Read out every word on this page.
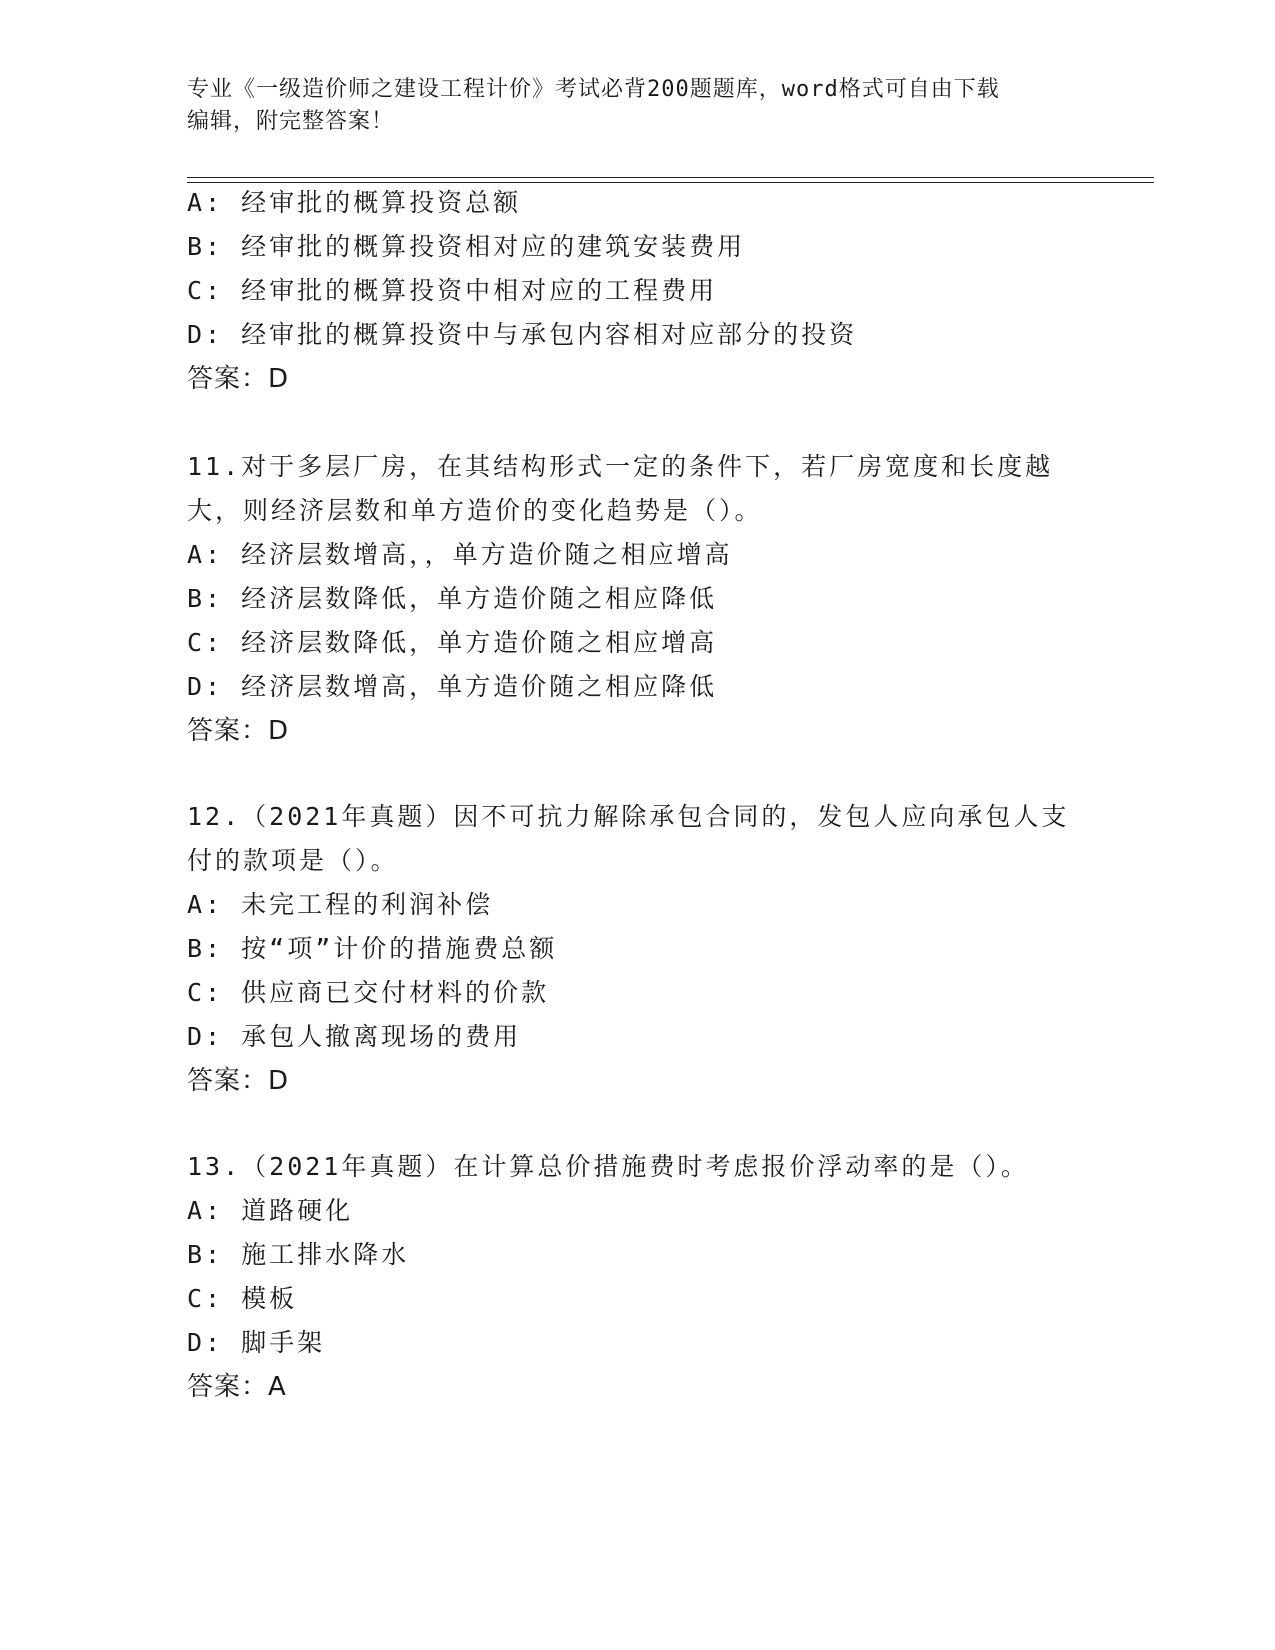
专业《一级造价师之建设工程计价》考试必背200题题库，word格式可自由下载
编辑，附完整答案！
A: 经审批的概算投资总额
B: 经审批的概算投资相对应的建筑安装费用
C: 经审批的概算投资中相对应的工程费用
D: 经审批的概算投资中与承包内容相对应部分的投资
答案：D
11.对于多层厂房，在其结构形式一定的条件下，若厂房宽度和长度越
大，则经济层数和单方造价的变化趋势是（）。
A: 经济层数增高，，单方造价随之相应增高
B: 经济层数降低，单方造价随之相应降低
C: 经济层数降低，单方造价随之相应增高
D: 经济层数增高，单方造价随之相应降低
答案：D
12.（2021年真题）因不可抗力解除承包合同的，发包人应向承包人支
付的款项是（）。
A: 未完工程的利润补偿
B: 按“项”计价的措施费总额
C: 供应商已交付材料的价款
D: 承包人撤离现场的费用
答案：D
13.（2021年真题）在计算总价措施费时考虑报价浮动率的是（）。
A: 道路硬化
B: 施工排水降水
C: 模板
D: 脚手架
答案：A
